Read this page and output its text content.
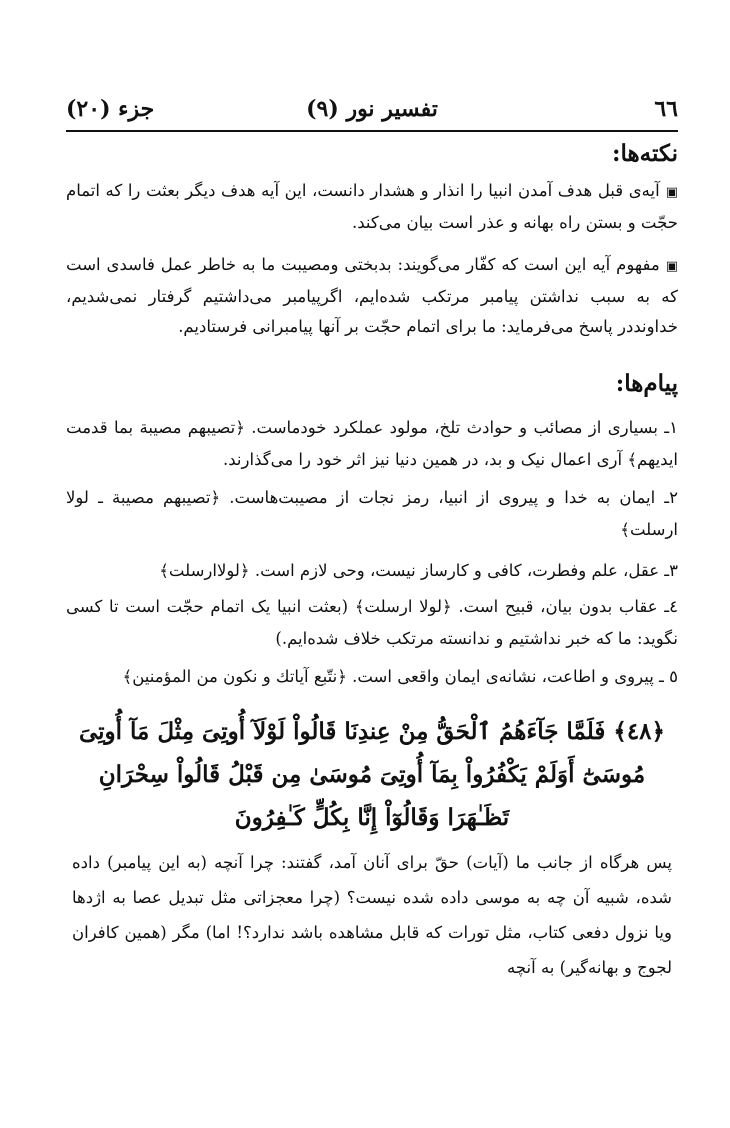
٦٦
تفسیر نور (۹)
جزء (۲۰)
نکته‌ها:
▣آیه‌ی قبل هدف آمدن انبیا را انذار و هشدار دانست، این آیه هدف دیگر بعثت را که اتمام حجّت و بستن راه بهانه و عذر است بیان می‌کند.
▣مفهوم آیه این است که کفّار می‌گویند: بدبختی ومصیبت ما به خاطر عمل فاسدی است که به سبب نداشتن پیامبر مرتکب شده‌ایم، اگرپیامبر می‌داشتیم گرفتار نمی‌شدیم، خداونددر پاسخ می‌فرماید: ما برای اتمام حجّت بر آنها پیامبرانی فرستادیم.
پیام‌ها:
۱ـ بسیاری از مصائب و حوادث تلخ، مولود عملکرد خودماست. ﴿تصیبهم مصیبة بما قدمت ایدیهم﴾ آری اعمال نیک و بد، در همین دنیا نیز اثر خود را می‌گذارند.
۲ـ ایمان به خدا و پیروی از انبیا، رمز نجات از مصیبت‌هاست. ﴿تصیبهم مصیبة ـ لولا ارسلت﴾
۳ـ عقل، علم وفطرت، کافی و کارساز نیست، وحی لازم است. ﴿لولاارسلت﴾
٤ـ عقاب بدون بیان، قبیح است. ﴿لولا ارسلت﴾ (بعثت انبیا یک اتمام حجّت است تا کسی نگوید: ما که خبر نداشتیم و ندانسته مرتکب خلاف شده‌ایم.)
٥ ـ پیروی و اطاعت، نشانه‌ی ایمان واقعی است. ﴿نتّبع آیاتك و نكون من المؤمنین﴾
﴿٤٨﴾ فَلَمَّا جَآءَهُمُ ٱلْحَقُّ مِنْ عِندِنَا قَالُواْ لَوْلَآ أُوتِىَ مِثْلَ مَآ أُوتِىَ
مُوسَىٰٓ أَوَلَمْ يَكْفُرُواْ بِمَآ أُوتِىَ مُوسَىٰ مِن قَبْلُ قَالُواْ سِحْرَانِ
تَظَـٰهَرَا وَقَالُوٓاْ إِنَّا بِكُلٍّ كَـٰفِرُونَ
پس هرگاه از جانب ما (آیات) حقّ برای آنان آمد، گفتند: چرا آنچه (به این پیامبر) داده شده، شبیه آن چه به موسی داده شده نیست؟ (چرا معجزاتی مثل تبدیل عصا به اژدها ویا نزول دفعی کتاب، مثل تورات که قابل مشاهده باشد ندارد؟! اما) مگر (همین کافران لجوج و بهانه‌گیر) به آنچه
